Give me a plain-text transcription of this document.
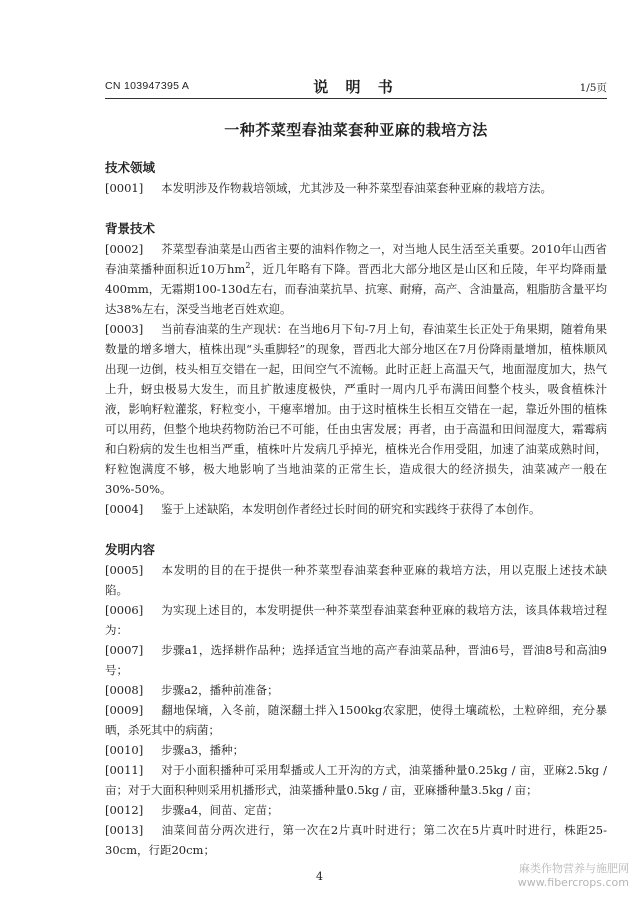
CN 103947395 A	说 明 书	1/5页
一种芥菜型春油菜套种亚麻的栽培方法
技术领域
[0001] 本发明涉及作物栽培领域，尤其涉及一种芥菜型春油菜套种亚麻的栽培方法。
背景技术
[0002] 芥菜型春油菜是山西省主要的油料作物之一，对当地人民生活至关重要。2010年山西省春油菜播种面积近10万$hm^2$，近几年略有下降。晋西北大部分地区是山区和丘陵，年平均降雨量400mm，无霜期100-130d左右，而春油菜抗旱、抗寒、耐瘠，高产、含油量高，粗脂肪含量平均达38%左右，深受当地老百姓欢迎。
[0003] 当前春油菜的生产现状：在当地6月下旬-7月上旬，春油菜生长正处于角果期，随着角果数量的增多增大，植株出现“头重脚轻”的现象，晋西北大部分地区在7月份降雨量增加，植株顺风出现一边倒，枝头相互交错在一起，田间空气不流畅。此时正赶上高温天气，地面湿度加大，热气上升，蚜虫极易大发生，而且扩散速度极快，严重时一周内几乎布满田间整个枝头，吸食植株汁液，影响籽粒灌浆，籽粒变小，干瘪率增加。由于这时植株生长相互交错在一起，靠近外围的植株可以用药，但整个地块药物防治已不可能，任由虫害发展；再者，由于高温和田间湿度大，霜霉病和白粉病的发生也相当严重，植株叶片发病几乎掉光，植株光合作用受阻，加速了油菜成熟时间，籽粒饱满度不够，极大地影响了当地油菜的正常生长，造成很大的经济损失，油菜减产一般在30%-50%。
[0004] 鉴于上述缺陷，本发明创作者经过长时间的研究和实践终于获得了本创作。
发明内容
[0005] 本发明的目的在于提供一种芥菜型春油菜套种亚麻的栽培方法，用以克服上述技术缺陷。
[0006] 为实现上述目的，本发明提供一种芥菜型春油菜套种亚麻的栽培方法，该具体栽培过程为：
[0007] 步骤a1，选择耕作品种；选择适宜当地的高产春油菜品种，晋油6号，晋油8号和高油9号；
[0008] 步骤a2，播种前准备；
[0009] 翻地保墒，入冬前，随深翻土拌入1500kg农家肥，使得土壤疏松，土粒碎细，充分暴晒，杀死其中的病菌；
[0010] 步骤a3，播种；
[0011] 对于小面积播种可采用犁播或人工开沟的方式，油菜播种量0.25kg / 亩，亚麻2.5kg / 亩；对于大面积种则采用机播形式，油菜播种量0.5kg / 亩，亚麻播种量3.5kg / 亩；
[0012] 步骤a4，间苗、定苗；
[0013] 油菜间苗分两次进行，第一次在2片真叶时进行；第二次在5片真叶时进行，株距25-30cm，行距20cm；
4
麻类作物营养与施肥网
www.fibercrops.com
